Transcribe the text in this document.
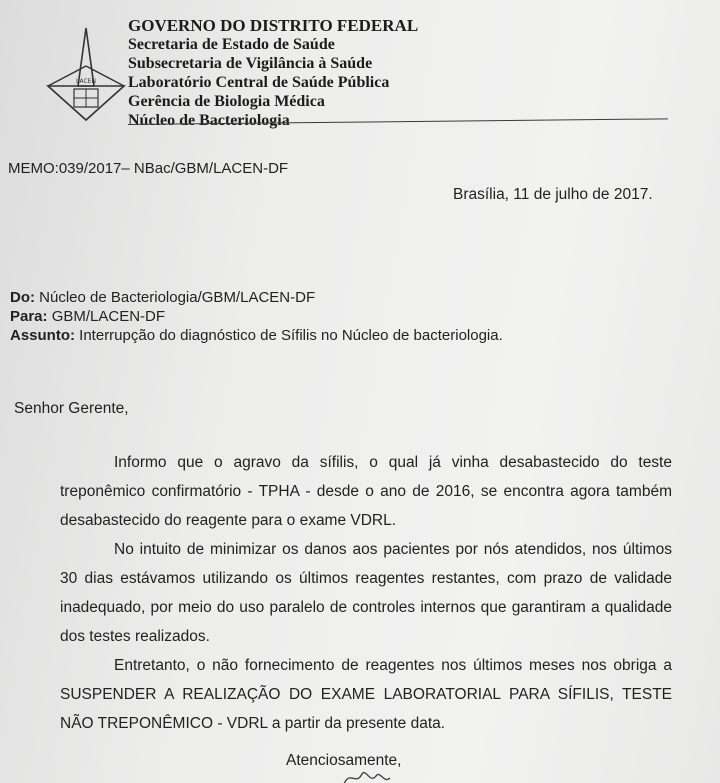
LACEN
GOVERNO DO DISTRITO FEDERAL
Secretaria de Estado de Saúde
Subsecretaria de Vigilância à Saúde
Laboratório Central de Saúde Pública
Gerência de Biologia Médica
Núcleo de Bacteriologia
MEMO:039/2017– NBac/GBM/LACEN-DF
Brasília, 11 de julho de 2017.
Do: Núcleo de Bacteriologia/GBM/LACEN-DF
Para: GBM/LACEN-DF
Assunto: Interrupção do diagnóstico de Sífilis no Núcleo de bacteriologia.
Senhor Gerente,

Informo que o agravo da sífilis, o qual já vinha desabastecido do teste treponêmico confirmatório - TPHA - desde o ano de 2016, se encontra agora também desabastecido do reagente para o exame VDRL.

No intuito de minimizar os danos aos pacientes por nós atendidos, nos últimos 30 dias estávamos utilizando os últimos reagentes restantes, com prazo de validade inadequado, por meio do uso paralelo de controles internos que garantiram a qualidade dos testes realizados.

Entretanto, o não fornecimento de reagentes nos últimos meses nos obriga a SUSPENDER A REALIZAÇÃO DO EXAME LABORATORIAL PARA SÍFILIS, TESTE NÃO TREPONÊMICO - VDRL a partir da presente data.

Atenciosamente,
